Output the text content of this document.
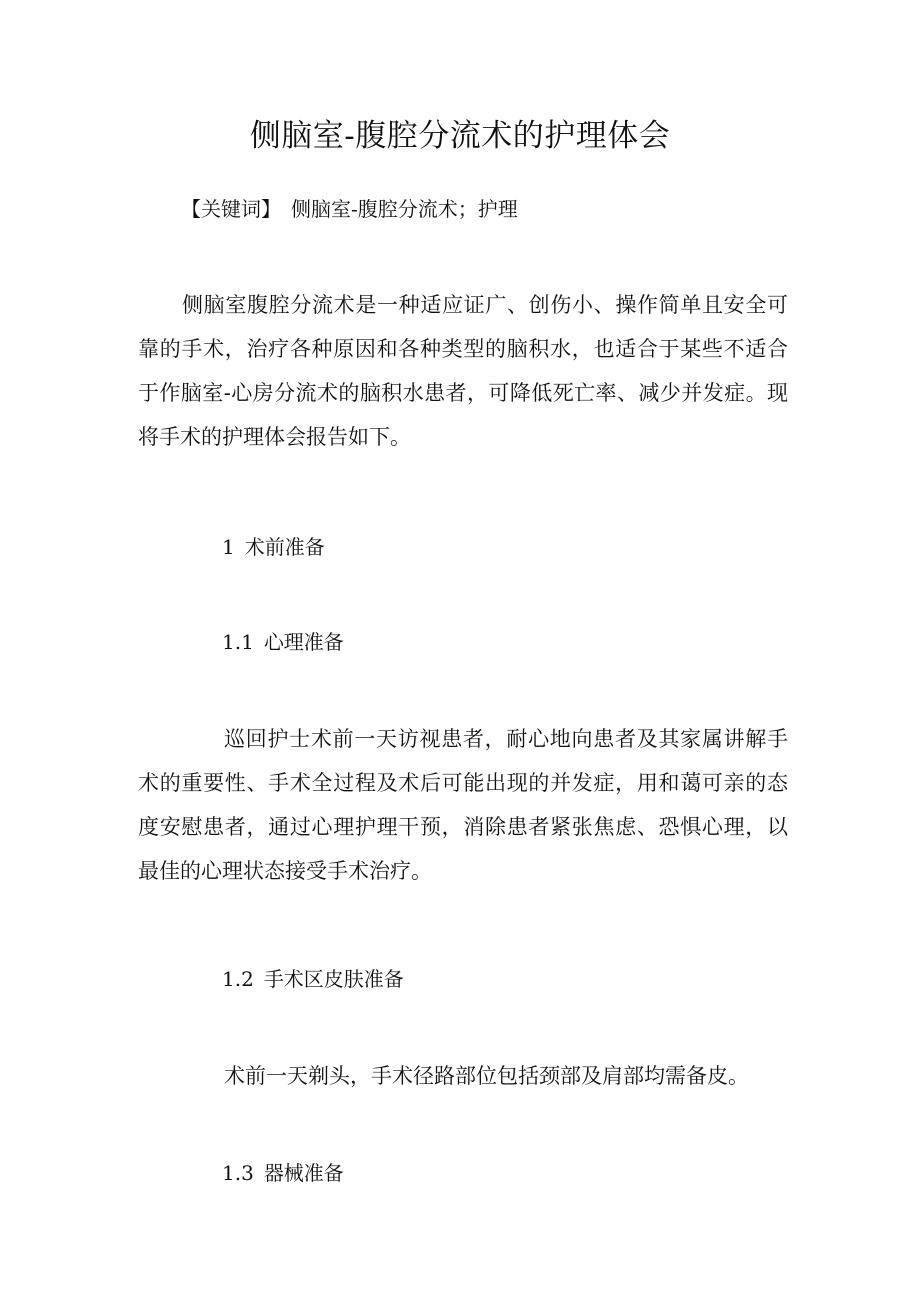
侧脑室-腹腔分流术的护理体会
【关键词】 侧脑室-腹腔分流术；护理

侧脑室腹腔分流术是一种适应证广、创伤小、操作简单且安全可靠的手术，治疗各种原因和各种类型的脑积水，也适合于某些不适合于作脑室-心房分流术的脑积水患者，可降低死亡率、减少并发症。现将手术的护理体会报告如下。

1 术前准备
1.1 心理准备

巡回护士术前一天访视患者，耐心地向患者及其家属讲解手术的重要性、手术全过程及术后可能出现的并发症，用和蔼可亲的态度安慰患者，通过心理护理干预，消除患者紧张焦虑、恐惧心理，以最佳的心理状态接受手术治疗。

1.2 手术区皮肤准备

术前一天剃头，手术径路部位包括颈部及肩部均需备皮。

1.3 器械准备
